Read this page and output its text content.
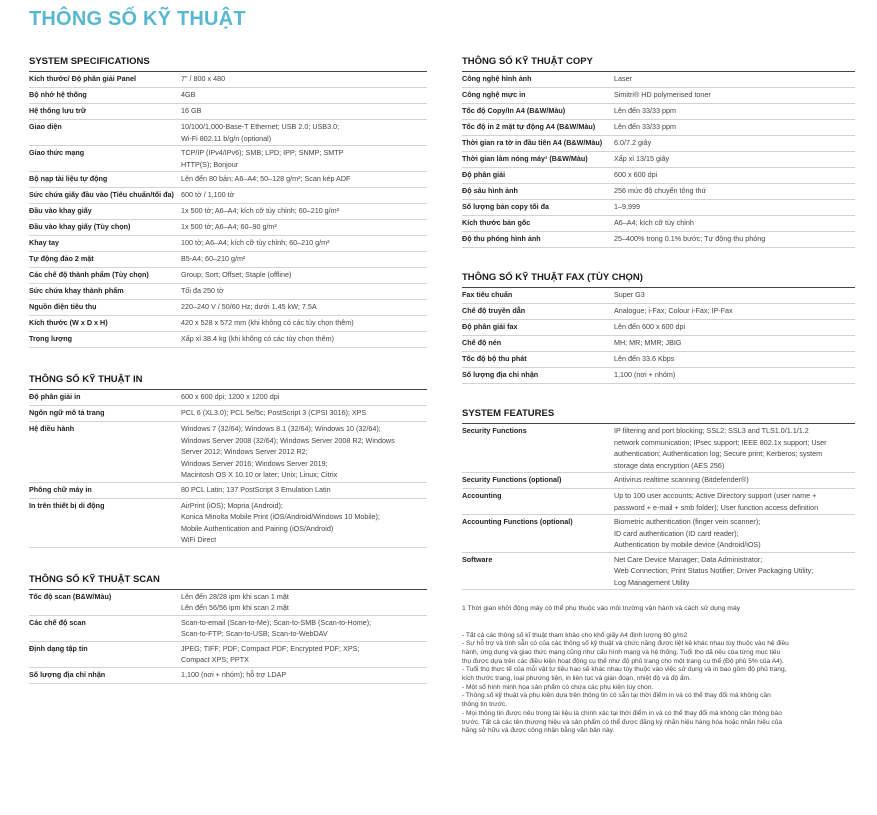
THÔNG SỐ KỸ THUẬT
SYSTEM SPECIFICATIONS
Kích thước/ Độ phân giải Panel	7" / 800 x 480
Bộ nhớ hệ thống	4GB
Hệ thống lưu trữ	16 GB
Giao diện	10/100/1,000-Base-T Ethernet; USB 2.0; USB3.0;
Wi-Fi 802.11 b/g/n (optional)
Giao thức mạng	TCP/IP (IPv4/IPv6); SMB; LPD; IPP; SNMP; SMTP
HTTP(S); Bonjour
Bộ nạp tài liệu tự động	Lên đến 80 bản; A6–A4; 50–128 g/m²; Scan kép ADF
Sức chứa giấy đầu vào (Tiêu chuẩn/tối đa) 600 tờ / 1,100 tờ
Đầu vào khay giấy	1x 500 tờ; A6–A4; kích cỡ tùy chỉnh; 60–210 g/m²
Đầu vào khay giấy (Tùy chọn)	1x 500 tờ; A6–A4; 60–90 g/m²
Khay tay	100 tờ; A6–A4; kích cỡ tùy chỉnh; 60–210 g/m²
Tự động đảo 2 mặt	B5-A4; 60–210 g/m²
Các chế độ thành phẩm (Tùy chọn)	Group; Sort; Offset; Staple (offline)
Sức chứa khay thành phẩm	Tối đa 250 tờ
Nguồn điện tiêu thụ	220–240 V / 50/60 Hz; dưới 1.45 kW; 7.5A
Kích thước (W x D x H)	420 x 528 x 572 mm (khi không có các tùy chọn thêm)
Trọng lượng	Xấp xỉ 38.4 kg (khi không có các tùy chọn thêm)
THÔNG SỐ KỸ THUẬT IN
Độ phân giải in	600 x 600 dpi; 1200 x 1200 dpi
Ngôn ngữ mô tả trang	PCL 6 (XL3.0); PCL 5e/5c; PostScript 3 (CPSI 3016); XPS
Hệ điều hành	Windows 7 (32/64); Windows 8.1 (32/64); Windows 10 (32/64);
Windows Server 2008 (32/64); Windows Server 2008 R2; Windows
Server 2012; Windows Server 2012 R2;
Windows Server 2016; Windows Server 2019;
Macintosh OS X 10.10 or later; Unix; Linux; Citrix
Phông chữ máy in	80 PCL Latin; 137 PostScript 3 Emulation Latin
In trên thiết bị di động	AirPrint (iOS); Mopria (Android);
Konica Minolta Mobile Print (iOS/Android/Windows 10 Mobile);
Mobile Authentication and Pairing (iOS/Android)
WiFi Direct
THÔNG SỐ KỸ THUẬT SCAN
Tốc độ scan (B&W/Màu)	Lên đến 28/28 ipm khi scan 1 mặt
Lên đến 56/56 ipm khi scan 2 mặt
Các chế độ scan	Scan-to-email (Scan-to-Me); Scan-to-SMB (Scan-to-Home);
Scan-to-FTP; Scan-to-USB; Scan-to-WebDAV
Định dạng tập tin	JPEG; TIFF; PDF; Compact PDF; Encrypted PDF; XPS;
Compact XPS; PPTX
Số lượng địa chỉ nhận	1,100 (nơi + nhóm); hỗ trợ LDAP
THÔNG SỐ KỸ THUẬT COPY
Công nghệ hình ảnh	Laser
Công nghệ mực in	Simitri® HD polymerised toner
Tốc độ Copy/In A4 (B&W/Màu)	Lên đến 33/33 ppm
Tốc độ in 2 mặt tự động A4 (B&W/Màu)	Lên đến 33/33 ppm
Thời gian ra tờ in đầu tiên A4 (B&W/Màu)	6.0/7.2 giây
Thời gian làm nóng máy¹ (B&W/Màu)	Xấp xỉ 13/15 giây
Độ phân giải	600 x 600 dpi
Độ sâu hình ảnh	256 mức độ chuyển tông thứ
Số lượng bản copy tối đa	1–9,999
Kích thước bản gốc	A6–A4; kích cỡ tùy chỉnh
Độ thu phóng hình ảnh	25–400% trong 0.1% bước; Tự động thu phóng
THÔNG SỐ KỸ THUẬT FAX (TÙY CHỌN)
Fax tiêu chuẩn	Super G3
Chế độ truyền dẫn	Analogue; i-Fax; Colour i-Fax; IP-Fax
Độ phân giải fax	Lên đến 600 x 600 dpi
Chế độ nén	MH; MR; MMR; JBIG
Tốc độ bộ thu phát	Lên đến 33.6 Kbps
Số lượng địa chỉ nhận	1,100 (nơi + nhóm)
SYSTEM FEATURES
Security Functions	IP filtering and port blocking; SSL2; SSL3 and TLS1.0/1.1/1.2
network communication; IPsec support; IEEE 802.1x support; User
authentication; Authentication log; Secure print; Kerberos; system
storage data encryption (AES 256)
Security Functions (optional)	Antivirus realtime scanning (Bitdefender®)
Accounting	Up to 100 user accounts; Active Directory support (user name +
password + e-mail + smb folder); User function access definition
Accounting Functions (optional)	Biometric authentication (finger vein scanner);
ID card authentication (ID card reader);
Authentication by mobile device (Android/iOS)
Software	Net Care Device Manager; Data Administrator;
Web Connection; Print Status Notifier; Driver Packaging Utility;
Log Management Utility
1 Thời gian khởi động máy có thể phụ thuộc vào môi trường vận hành và cách sử dụng máy
- Tất cả các thông số kĩ thuật tham khảo cho khổ giấy A4 định lượng 80 g/m2
- Sự hỗ trợ và tính sẵn có của các thông số kỹ thuật và chức năng được liệt kê khác nhau tùy thuộc vào hệ điều
hành, ứng dụng và giao thức mạng cũng như cấu hình mạng và hệ thống. Tuổi thọ dã nêu của từng mục tiêu
thụ được dựa trên các điều kiện hoạt động cụ thể như độ phủ trang cho một trang cụ thể (Độ phủ 5% của A4).
- Tuổi thọ thực tế của mỗi vật tư tiêu hao sẽ khác nhau tùy thuộc vào việc sử dụng và in bao gồm độ phủ trang,
kích thước trang, loại phương tiện, in liên tục và gián đoạn, nhiệt độ và độ ẩm.
- Một số hình minh họa sản phẩm có chứa các phụ kiện tùy chọn.
- Thông số kỹ thuật và phụ kiện dựa trên thông tin có sẵn tại thời điểm in và có thể thay đổi mà không cần
thông tin trước.
- Mọi thông tin được nêu trong tài liệu là chính xác tại thời điểm in và có thể thay đổi mà không cần thông báo
trước. Tất cả các tên thương hiệu và sản phẩm có thể được đăng ký nhãn hiệu hàng hóa hoặc nhãn hiệu của
hãng sở hữu và được công nhận bằng văn bản này.
